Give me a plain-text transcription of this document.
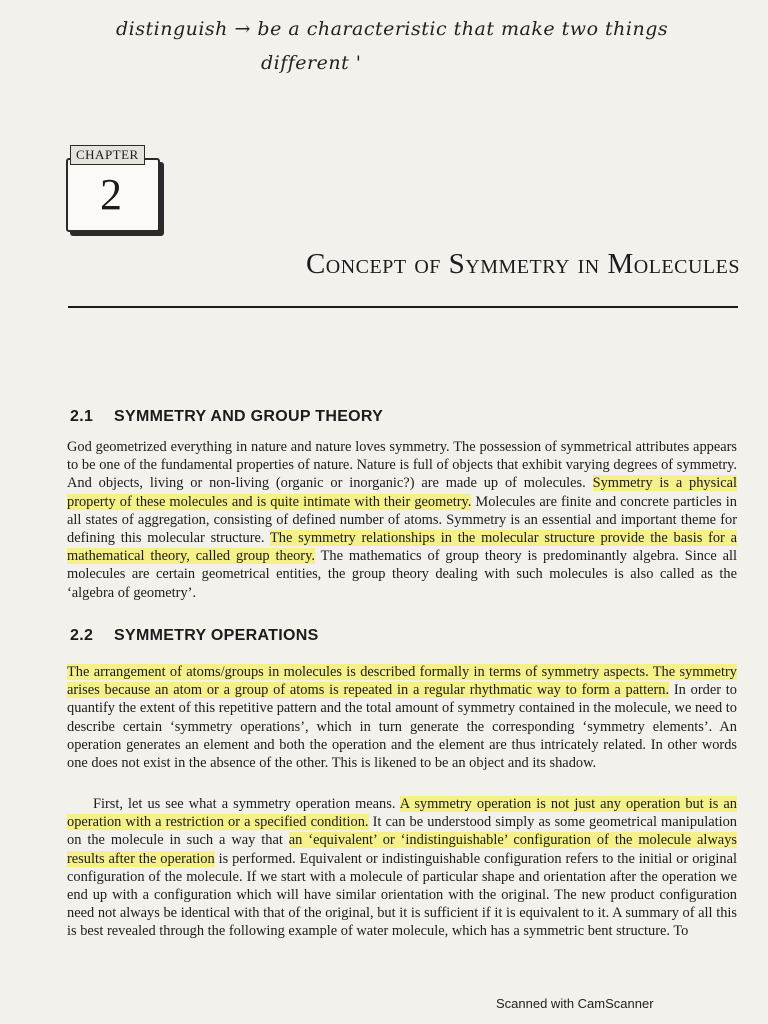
distinguish → be a characteristic that make two things
different '
CHAPTER
2
Concept of Symmetry in Molecules
2.1 SYMMETRY AND GROUP THEORY

God geometrized everything in nature and nature loves symmetry. The possession of symmetrical attributes appears to be one of the fundamental properties of nature. Nature is full of objects that exhibit varying degrees of symmetry. And objects, living or non-living (organic or inorganic?) are made up of molecules. Symmetry is a physical property of these molecules and is quite intimate with their geometry. Molecules are finite and concrete particles in all states of aggregation, consisting of defined number of atoms. Symmetry is an essential and important theme for defining this molecular structure. The symmetry relationships in the molecular structure provide the basis for a mathematical theory, called group theory. The mathematics of group theory is predominantly algebra. Since all molecules are certain geometrical entities, the group theory dealing with such molecules is also called as the ‘algebra of geometry’.

2.2 SYMMETRY OPERATIONS

The arrangement of atoms/groups in molecules is described formally in terms of symmetry aspects. The symmetry arises because an atom or a group of atoms is repeated in a regular rhythmatic way to form a pattern. In order to quantify the extent of this repetitive pattern and the total amount of symmetry contained in the molecule, we need to describe certain ‘symmetry operations’, which in turn generate the corresponding ‘symmetry elements’. An operation generates an element and both the operation and the element are thus intricately related. In other words one does not exist in the absence of the other. This is likened to be an object and its shadow.

First, let us see what a symmetry operation means. A symmetry operation is not just any operation but is an operation with a restriction or a specified condition. It can be understood simply as some geometrical manipulation on the molecule in such a way that an ‘equivalent’ or ‘indistinguishable’ configuration of the molecule always results after the operation is performed. Equivalent or indistinguishable configuration refers to the initial or original configuration of the molecule. If we start with a molecule of particular shape and orientation after the operation we end up with a configuration which will have similar orientation with the original. The new product configuration need not always be identical with that of the original, but it is sufficient if it is equivalent to it. A summary of all this is best revealed through the following example of water molecule, which has a symmetric bent structure. To

Scanned with CamScanner
